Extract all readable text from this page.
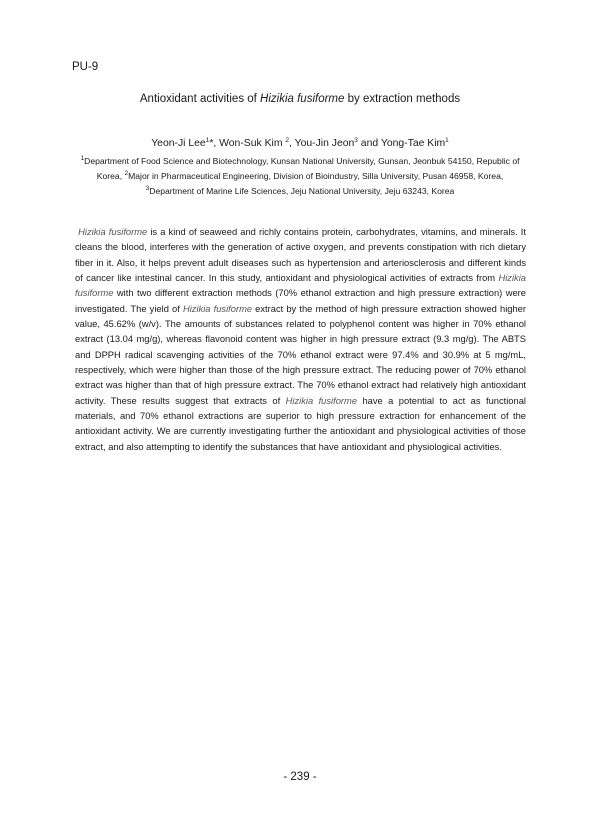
PU-9
Antioxidant activities of Hizikia fusiforme by extraction methods
Yeon-Ji Lee$^1$*, Won-Suk Kim $^2$, You-Jin Jeon$^3$ and Yong-Tae Kim$^1$
$^1$Department of Food Science and Biotechnology, Kunsan National University, Gunsan, Jeonbuk 54150, Republic of Korea, $^2$Major in Pharmaceutical Engineering, Division of Bioindustry, Silla University, Pusan 46958, Korea, $^3$Department of Marine Life Sciences, Jeju National University, Jeju 63243, Korea

Hizikia fusiforme is a kind of seaweed and richly contains protein, carbohydrates, vitamins, and minerals. It cleans the blood, interferes with the generation of active oxygen, and prevents constipation with rich dietary fiber in it. Also, it helps prevent adult diseases such as hypertension and arteriosclerosis and different kinds of cancer like intestinal cancer. In this study, antioxidant and physiological activities of extracts from Hizikia fusiforme with two different extraction methods (70% ethanol extraction and high pressure extraction) were investigated. The yield of Hizikia fusiforme extract by the method of high pressure extraction showed higher value, 45.62% (w/v). The amounts of substances related to polyphenol content was higher in 70% ethanol extract (13.04 mg/g), whereas flavonoid content was higher in high pressure extract (9.3 mg/g). The ABTS and DPPH radical scavenging activities of the 70% ethanol extract were 97.4% and 30.9% at 5 mg/mL, respectively, which were higher than those of the high pressure extract. The reducing power of 70% ethanol extract was higher than that of high pressure extract. The 70% ethanol extract had relatively high antioxidant activity. These results suggest that extracts of Hizikia fusiforme have a potential to act as functional materials, and 70% ethanol extractions are superior to high pressure extraction for enhancement of the antioxidant activity. We are currently investigating further the antioxidant and physiological activities of those extract, and also attempting to identify the substances that have antioxidant and physiological activities.

- 239 -
